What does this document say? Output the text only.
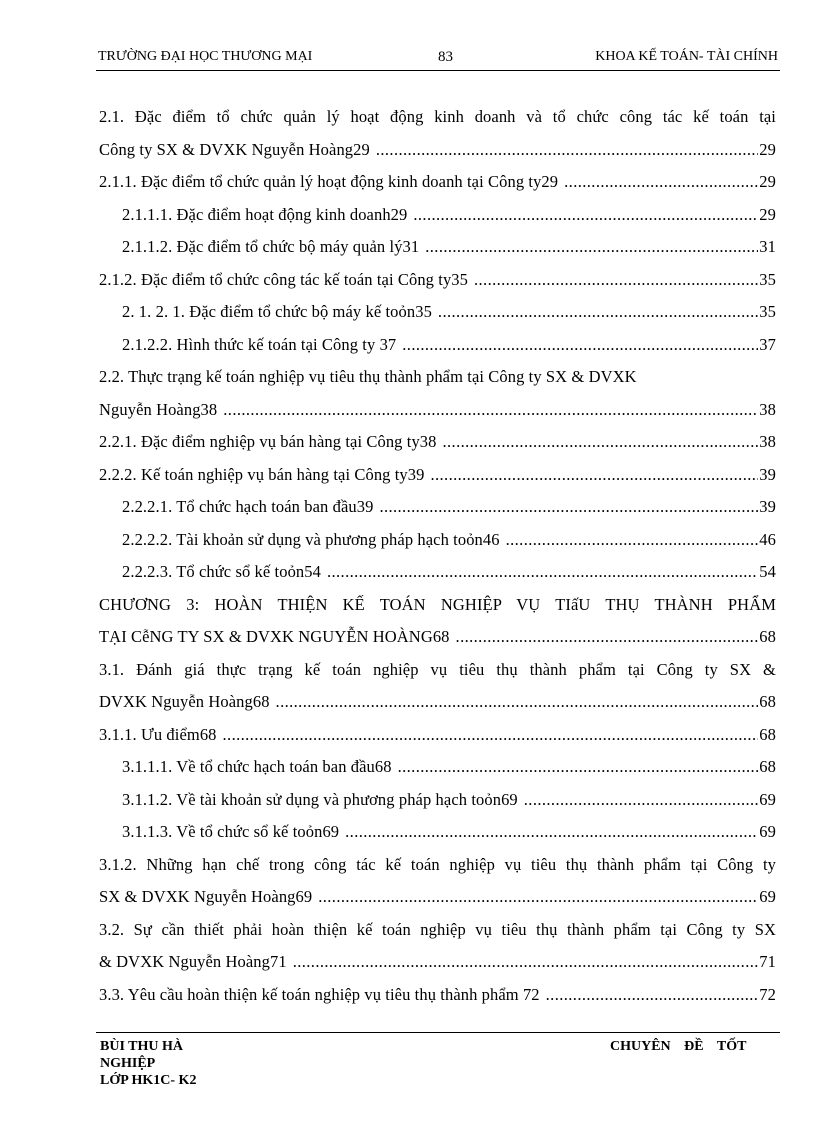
TRƯỜNG ĐẠI HỌC THƯƠNG MẠI	83	KHOA KẾ TOÁN- TÀI CHÍNH
2.1. Đặc điểm tổ chức quản lý hoạt động kinh doanh và tổ chức công tác kế toán tại
Công ty SX & DVXK Nguyễn Hoàng29 .....	29
2.1.1. Đặc điểm tổ chức quản lý hoạt động kinh doanh tại Công ty29 .....	29
2.1.1.1. Đặc điểm hoạt động kinh doanh29 .....	29
2.1.1.2. Đặc điểm tổ chức bộ máy quản lý31 .....	31
2.1.2. Đặc điểm tổ chức công tác kế toán tại Công ty35 .....	35
2. 1. 2. 1. Đặc điểm tổ chức bộ máy kế toỏn35 .....	35
2.1.2.2. Hình thức kế toán tại Công ty 37 .....	37
2.2. Thực trạng kế toán nghiệp vụ tiêu thụ thành phẩm tại Công ty SX & DVXK
Nguyễn Hoàng38 .....	38
2.2.1. Đặc điểm nghiệp vụ bán hàng tại Công ty38 .....	38
2.2.2. Kế toán nghiệp vụ bán hàng tại Công ty39 .....	39
2.2.2.1. Tổ chức hạch toán ban đầu39 .....	39
2.2.2.2. Tài khoản sử dụng và phương pháp hạch toỏn46 .....	46
2.2.2.3. Tổ chức sổ kế toỏn54 .....	54
CHƯƠNG 3: HOÀN THIỆN KẾ TOÁN NGHIỆP VỤ TIấU THỤ THÀNH PHẨM
TẠI CễNG TY SX & DVXK NGUYỄN HOÀNG68 .....	68
3.1. Đánh giá thực trạng kế toán nghiệp vụ tiêu thụ thành phẩm tại Công ty SX &
DVXK Nguyễn Hoàng68 .....	68
3.1.1. Ưu điểm68 .....	68
3.1.1.1. Về tổ chức hạch toán ban đầu68 .....	68
3.1.1.2. Về tài khoản sử dụng và phương pháp hạch toỏn69 .....	69
3.1.1.3. Về tổ chức sổ kế toỏn69 .....	69
3.1.2. Những hạn chế trong công tác kế toán nghiệp vụ tiêu thụ thành phẩm tại Công ty
SX & DVXK Nguyễn Hoàng69 .....	69
3.2. Sự cần thiết phải hoàn thiện kế toán nghiệp vụ tiêu thụ thành phẩm tại Công ty SX
& DVXK Nguyễn Hoàng71 .....	71
3.3. Yêu cầu hoàn thiện kế toán nghiệp vụ tiêu thụ thành phẩm 72 .....	72
BÙI THU HÀ
NGHIỆP
LỚP HK1C- K2
CHUYÊN ĐỀ TỐT
